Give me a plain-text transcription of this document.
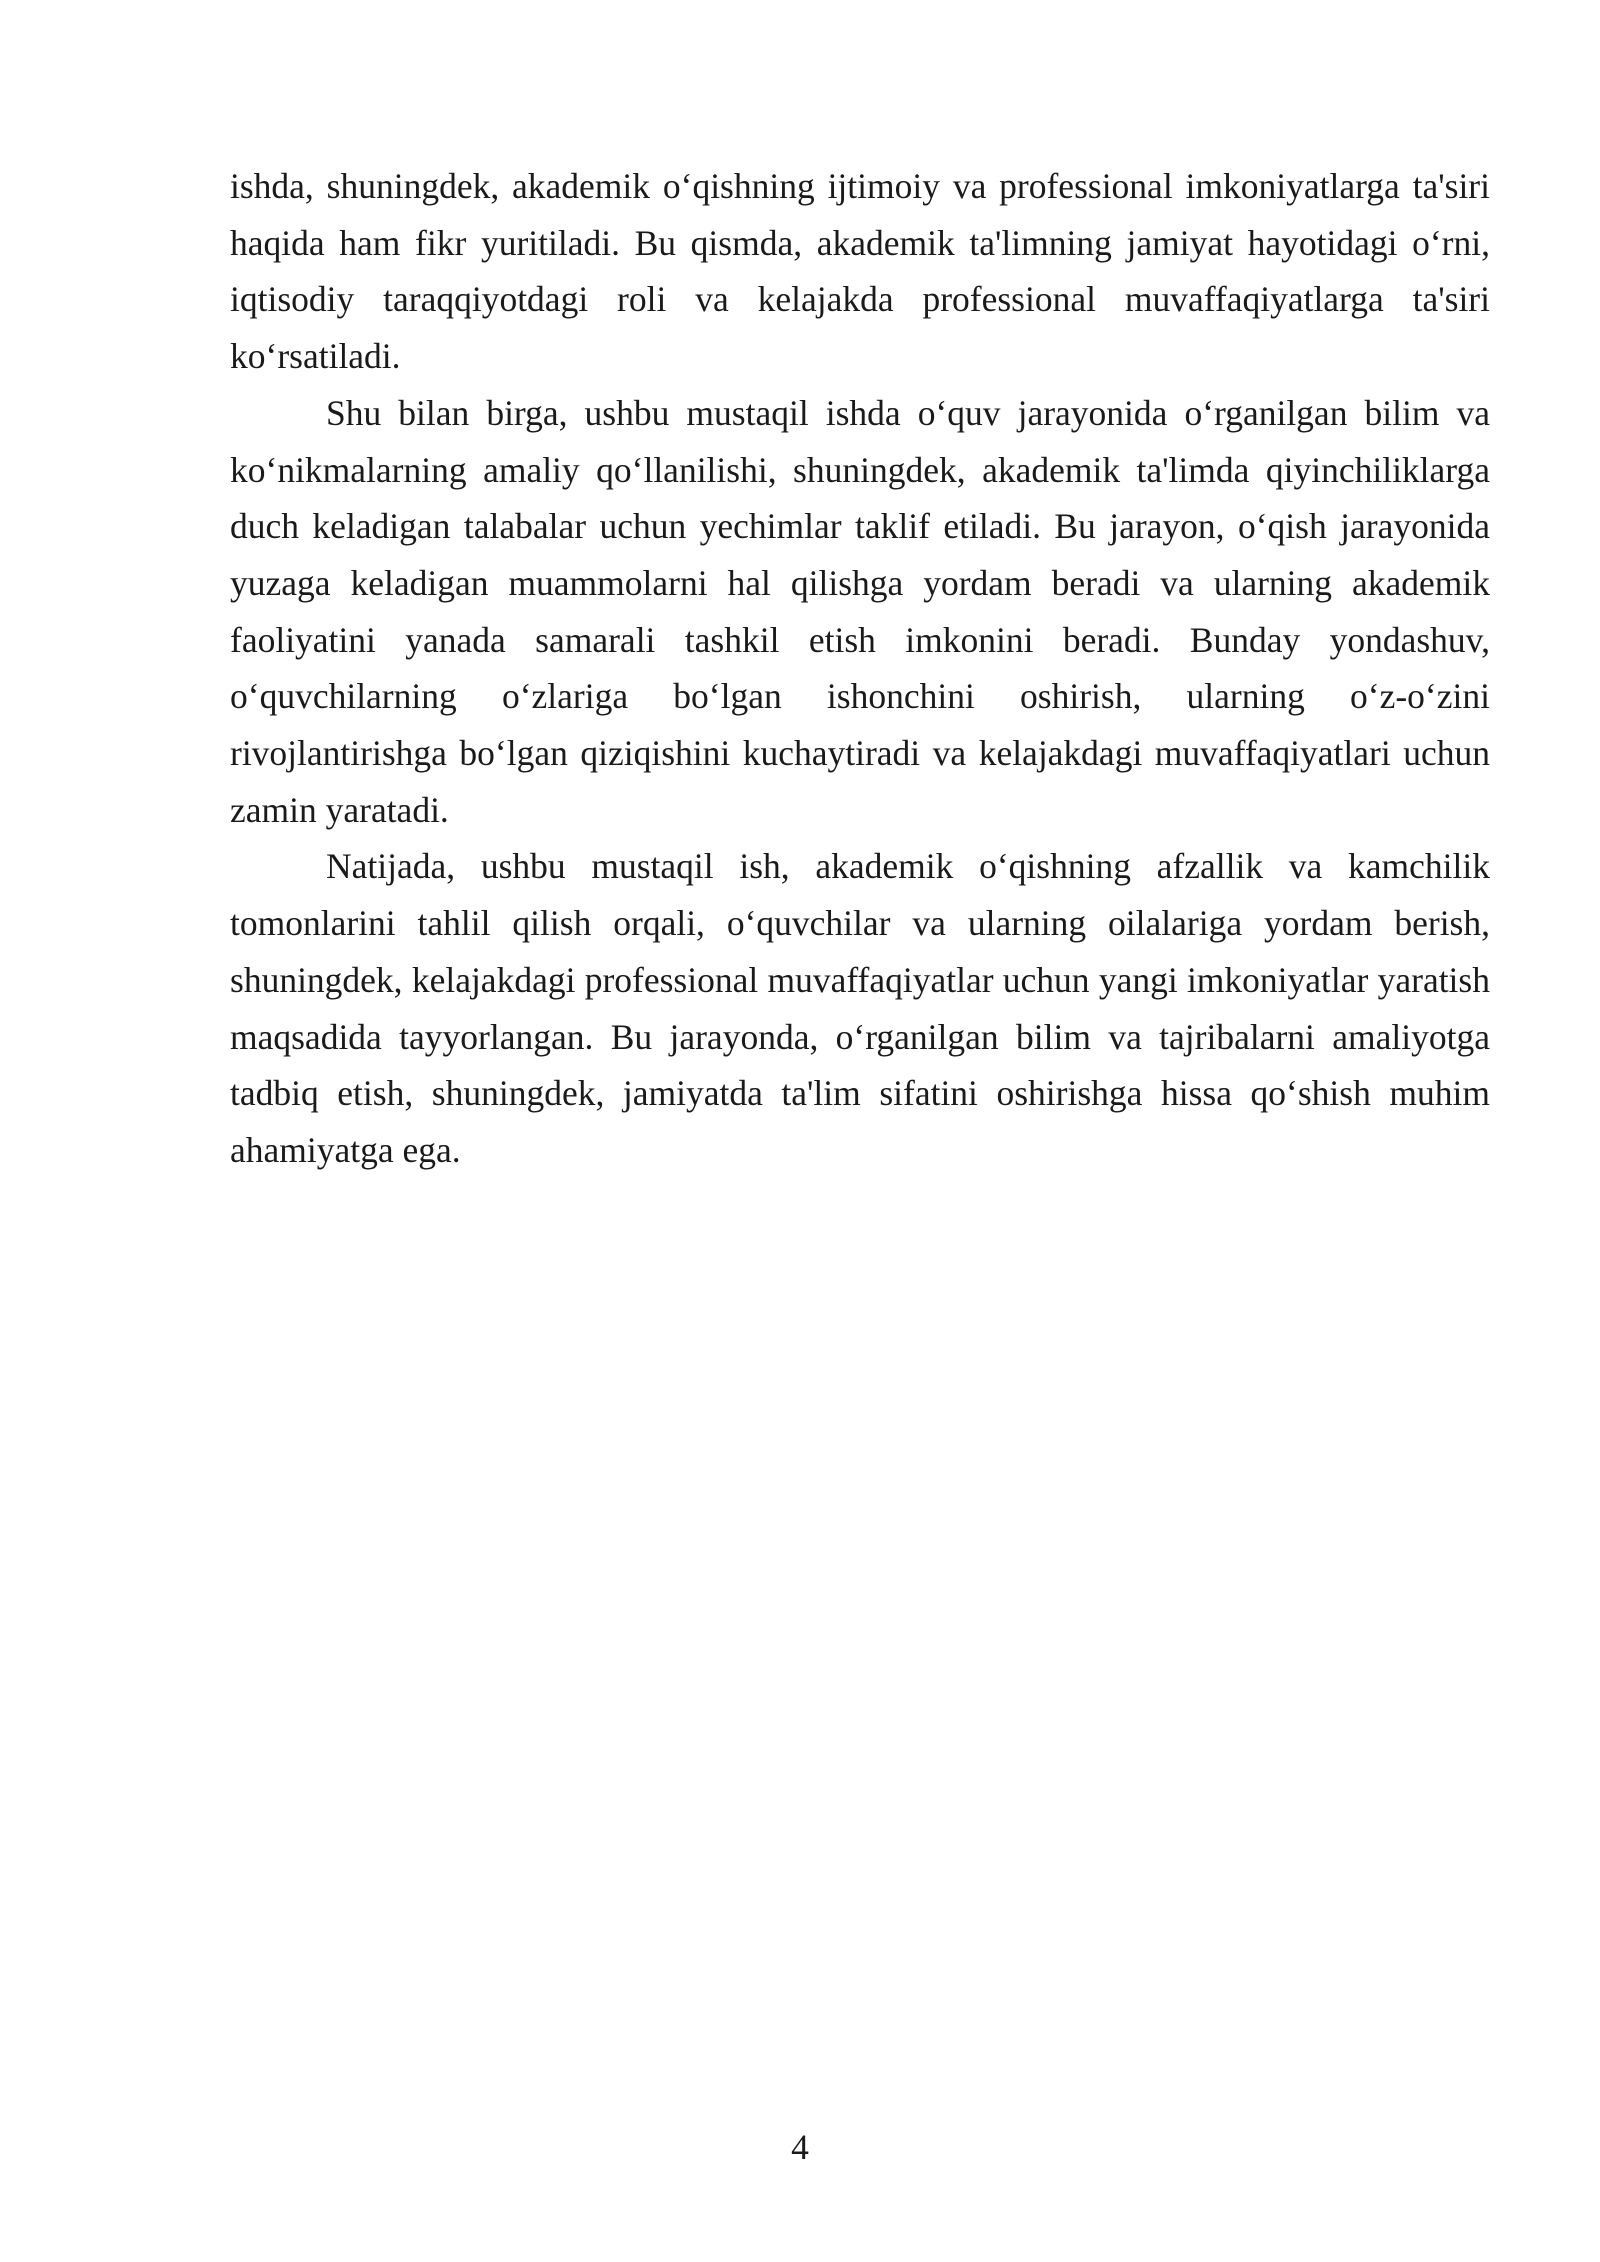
ishda, shuningdek, akademik o‘qishning ijtimoiy va professional imkoniyatlarga ta'siri haqida ham fikr yuritiladi. Bu qismda, akademik ta'limning jamiyat hayotidagi o‘rni, iqtisodiy taraqqiyotdagi roli va kelajakda professional muvaffaqiyatlarga ta'siri ko‘rsatiladi.

Shu bilan birga, ushbu mustaqil ishda o‘quv jarayonida o‘rganilgan bilim va ko‘nikmalarning amaliy qo‘llanilishi, shuningdek, akademik ta'limda qiyinchiliklarga duch keladigan talabalar uchun yechimlar taklif etiladi. Bu jarayon, o‘qish jarayonida yuzaga keladigan muammolarni hal qilishga yordam beradi va ularning akademik faoliyatini yanada samarali tashkil etish imkonini beradi. Bunday yondashuv, o‘quvchilarning o‘zlariga bo‘lgan ishonchini oshirish, ularning o‘z-o‘zini rivojlantirishga bo‘lgan qiziqishini kuchaytiradi va kelajakdagi muvaffaqiyatlari uchun zamin yaratadi.

Natijada, ushbu mustaqil ish, akademik o‘qishning afzallik va kamchilik tomonlarini tahlil qilish orqali, o‘quvchilar va ularning oilalariga yordam berish, shuningdek, kelajakdagi professional muvaffaqiyatlar uchun yangi imkoniyatlar yaratish maqsadida tayyorlangan. Bu jarayonda, o‘rganilgan bilim va tajribalarni amaliyotga tadbiq etish, shuningdek, jamiyatda ta'lim sifatini oshirishga hissa qo‘shish muhim ahamiyatga ega.

4
